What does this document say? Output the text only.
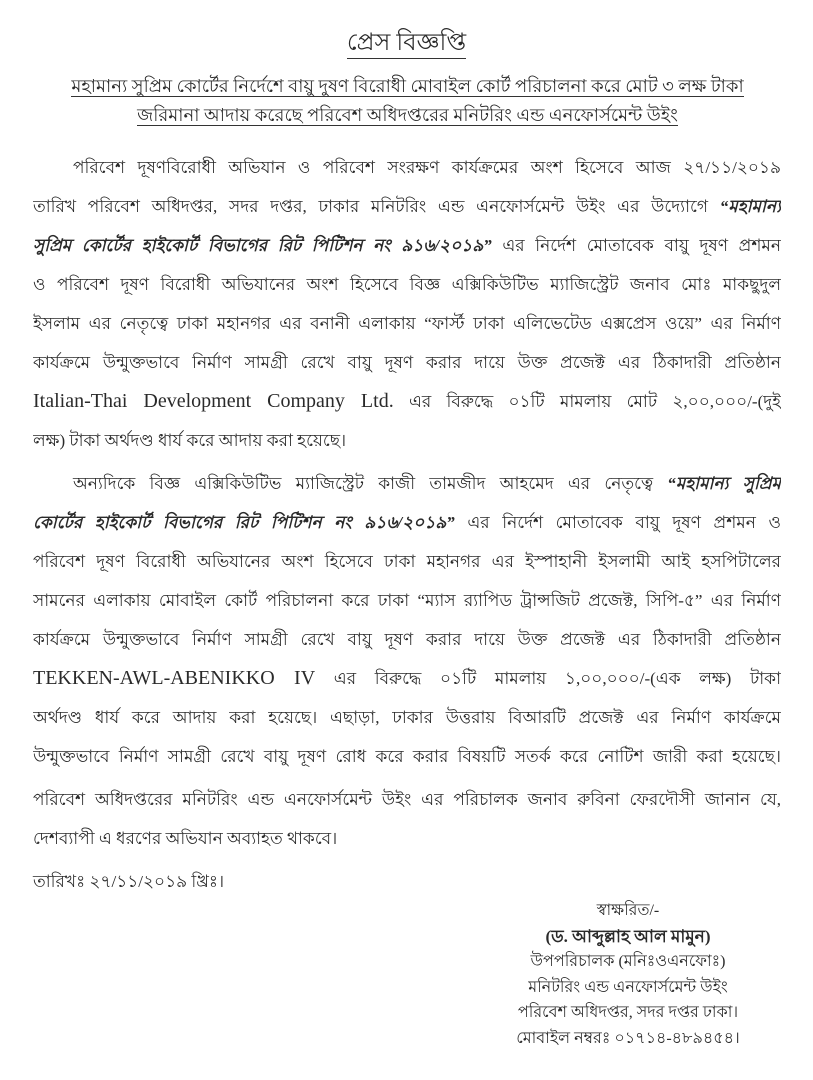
প্রেস বিজ্ঞপ্তি
মহামান্য সুপ্রিম কোর্টের নির্দেশে বায়ু দুষণ বিরোধী মোবাইল কোর্ট পরিচালনা করে মোট ৩ লক্ষ টাকা
জরিমানা আদায় করেছে পরিবেশ অধিদপ্তরের মনিটরিং এন্ড এনফোর্সমেন্ট উইং
পরিবেশ দূষণবিরোধী অভিযান ও পরিবেশ সংরক্ষণ কার্যক্রমের অংশ হিসেবে আজ ২৭/১১/২০১৯
তারিখ পরিবেশ অধিদপ্তর, সদর দপ্তর, ঢাকার মনিটরিং এন্ড এনফোর্সমেন্ট উইং এর উদ্যোগে “মহামান্য
সুপ্রিম কোর্টের হাইকোর্ট বিভাগের রিট পিটিশন নং ৯১৬/২০১৯” এর নির্দেশ মোতাবেক বায়ু দূষণ প্রশমন
ও পরিবেশ দূষণ বিরোধী অভিযানের অংশ হিসেবে বিজ্ঞ এক্সিকিউটিভ ম্যাজিস্ট্রেট জনাব মোঃ মাকছুদুল
ইসলাম এর নেতৃত্বে ঢাকা মহানগর এর বনানী এলাকায় “ফার্স্ট ঢাকা এলিভেটেড এক্সপ্রেস ওয়ে” এর নির্মাণ
কার্যক্রমে উন্মুক্তভাবে নির্মাণ সামগ্রী রেখে বায়ু দূষণ করার দায়ে উক্ত প্রজেক্ট এর ঠিকাদারী প্রতিষ্ঠান
Italian-Thai Development Company Ltd. এর বিরুদ্ধে ০১টি মামলায় মোট ২,০০,০০০/-(দুই
লক্ষ) টাকা অর্থদণ্ড ধার্য করে আদায় করা হয়েছে।
অন্যদিকে বিজ্ঞ এক্সিকিউটিভ ম্যাজিস্ট্রেট কাজী তামজীদ আহমেদ এর নেতৃত্বে “মহামান্য সুপ্রিম
কোর্টের হাইকোর্ট বিভাগের রিট পিটিশন নং ৯১৬/২০১৯” এর নির্দেশ মোতাবেক বায়ু দূষণ প্রশমন ও
পরিবেশ দূষণ বিরোধী অভিযানের অংশ হিসেবে ঢাকা মহানগর এর ইস্পাহানী ইসলামী আই হসপিটালের
সামনের এলাকায় মোবাইল কোর্ট পরিচালনা করে ঢাকা “ম্যাস র‌্যাপিড ট্রান্সজিট প্রজেক্ট, সিপি-৫” এর নির্মাণ
কার্যক্রমে উন্মুক্তভাবে নির্মাণ সামগ্রী রেখে বায়ু দূষণ করার দায়ে উক্ত প্রজেক্ট এর ঠিকাদারী প্রতিষ্ঠান
TEKKEN-AWL-ABENIKKO IV এর বিরুদ্ধে ০১টি মামলায় ১,০০,০০০/-(এক লক্ষ) টাকা
অর্থদণ্ড ধার্য করে আদায় করা হয়েছে। এছাড়া, ঢাকার উত্তরায় বিআরটি প্রজেক্ট এর নির্মাণ কার্যক্রমে
উন্মুক্তভাবে নির্মাণ সামগ্রী রেখে বায়ু দূষণ রোধ করে করার বিষয়টি সতর্ক করে নোটিশ জারী করা হয়েছে।
পরিবেশ অধিদপ্তরের মনিটরিং এন্ড এনফোর্সমেন্ট উইং এর পরিচালক জনাব রুবিনা ফেরদৌসী জানান যে,
দেশব্যাপী এ ধরণের অভিযান অব্যাহত থাকবে।
তারিখঃ ২৭/১১/২০১৯ খ্রিঃ।
স্বাক্ষরিত/-
(ড. আব্দুল্লাহ আল মামুন)
উপপরিচালক (মনিঃওএনফোঃ)
মনিটরিং এন্ড এনফোর্সমেন্ট উইং
পরিবেশ অধিদপ্তর, সদর দপ্তর ঢাকা।
মোবাইল নম্বরঃ ০১৭১৪-৪৮৯৪৫৪।
